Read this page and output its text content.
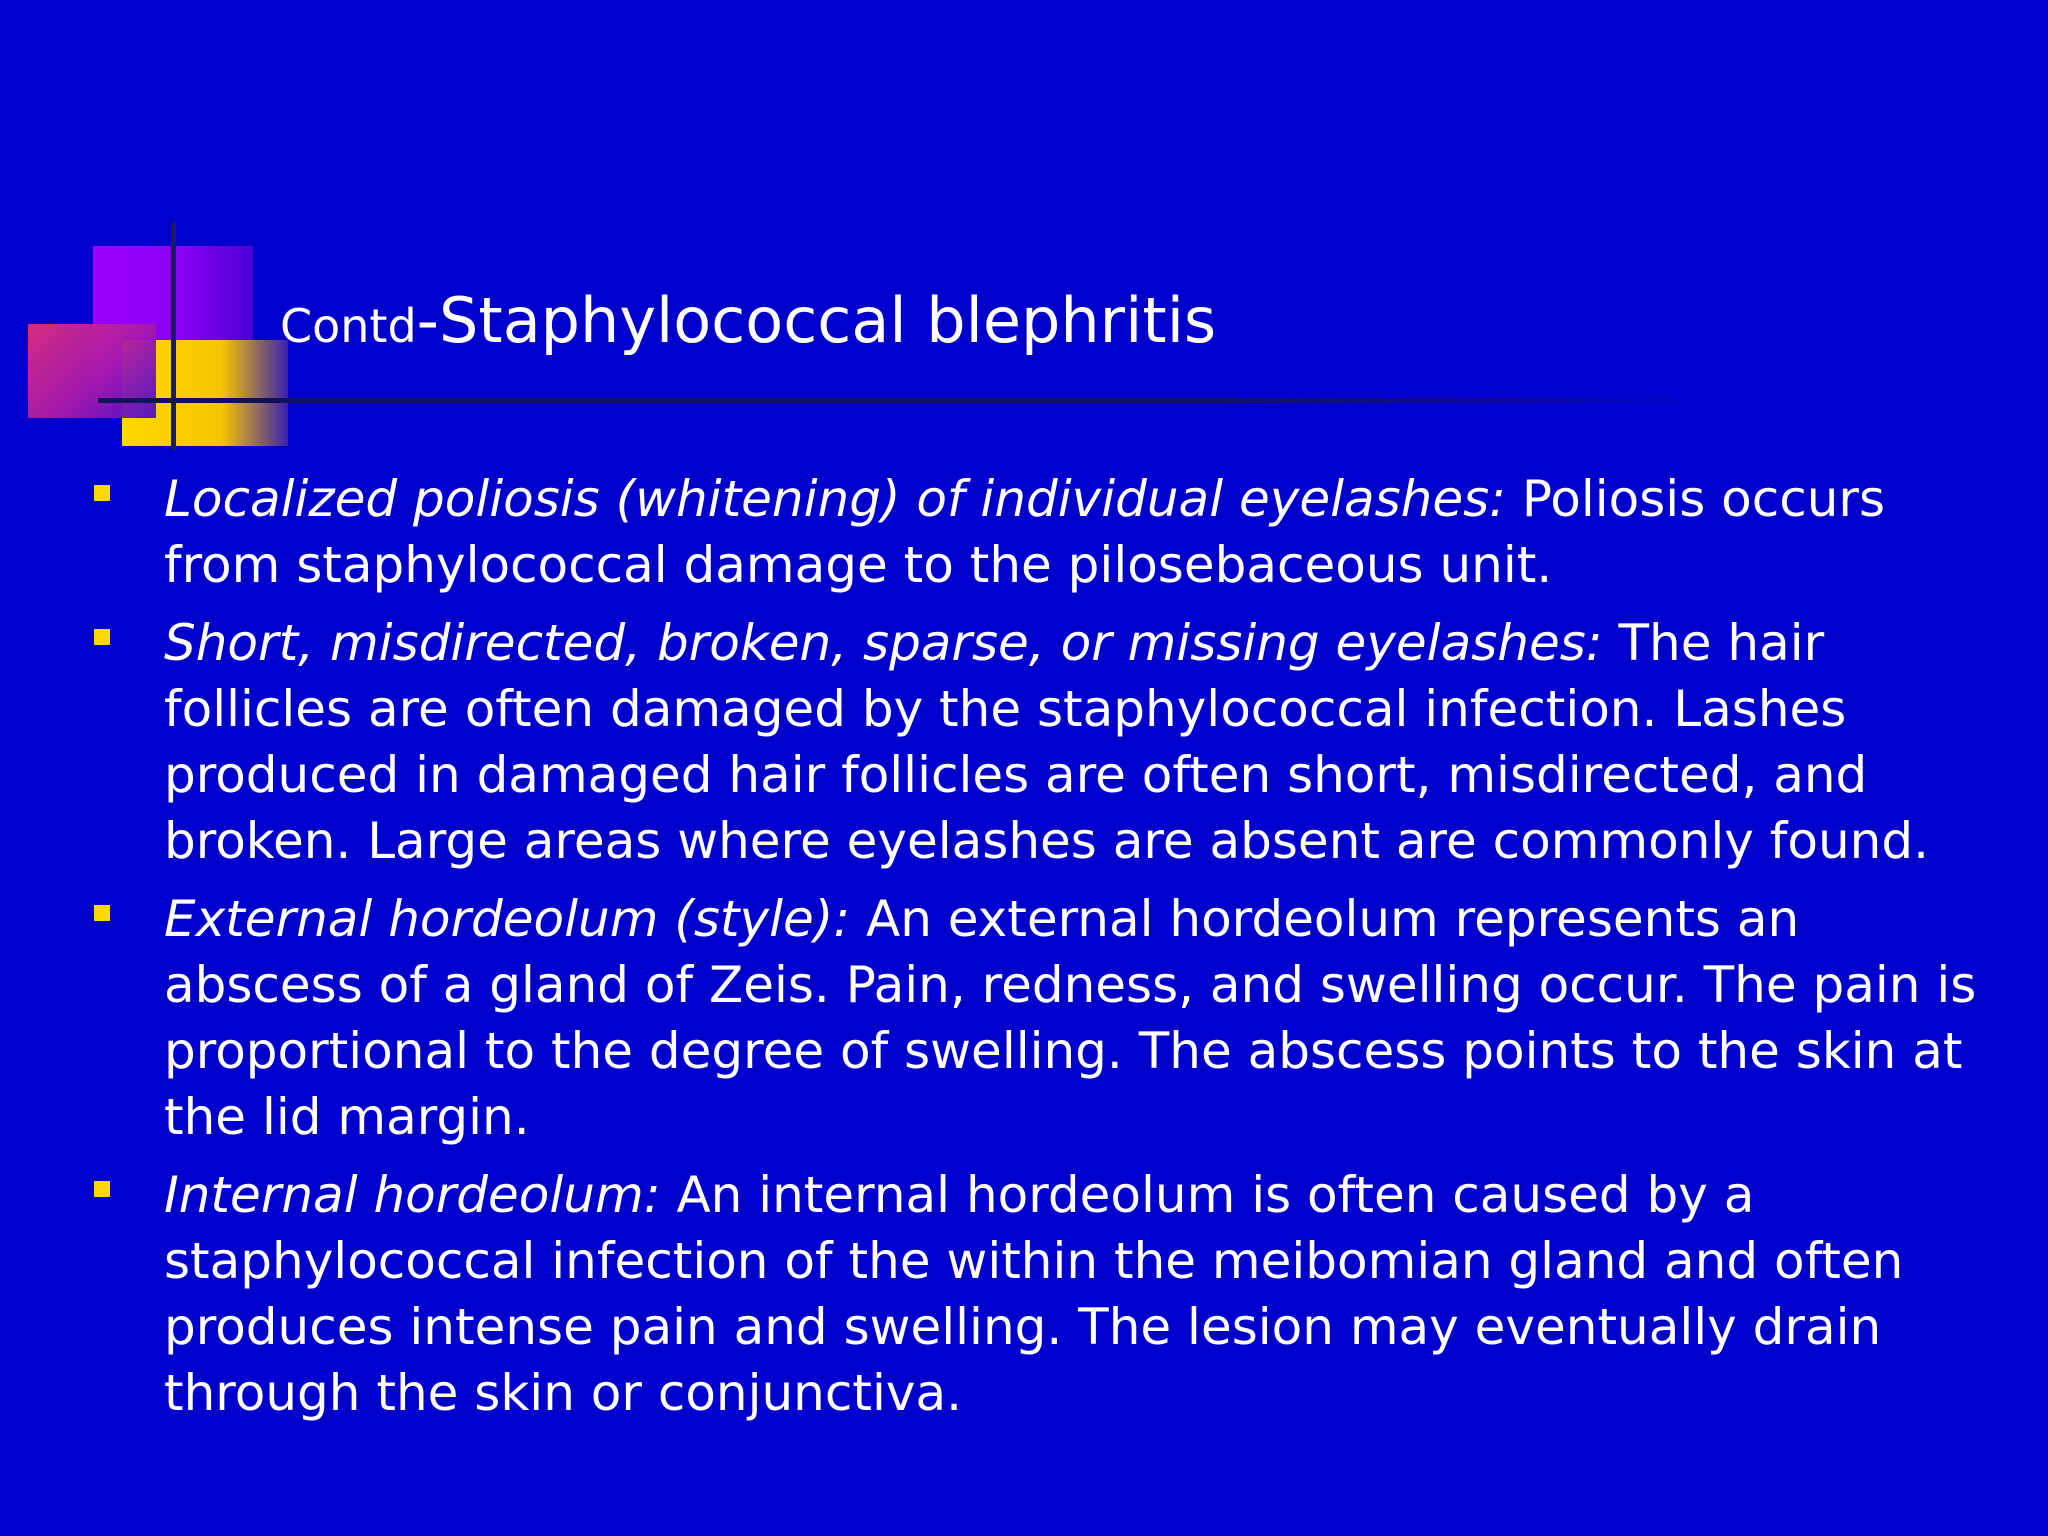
Contd-Staphylococcal blephritis
Localized poliosis (whitening) of individual eyelashes: Poliosis occurs from staphylococcal damage to the pilosebaceous unit.
Short, misdirected, broken, sparse, or missing eyelashes: The hair follicles are often damaged by the staphylococcal infection. Lashes produced in damaged hair follicles are often short, misdirected, and broken. Large areas where eyelashes are absent are commonly found.
External hordeolum (style): An external hordeolum represents an abscess of a gland of Zeis. Pain, redness, and swelling occur. The pain is proportional to the degree of swelling. The abscess points to the skin at the lid margin.
Internal hordeolum: An internal hordeolum is often caused by a staphylococcal infection of the within the meibomian gland and often produces intense pain and swelling. The lesion may eventually drain through the skin or conjunctiva.
